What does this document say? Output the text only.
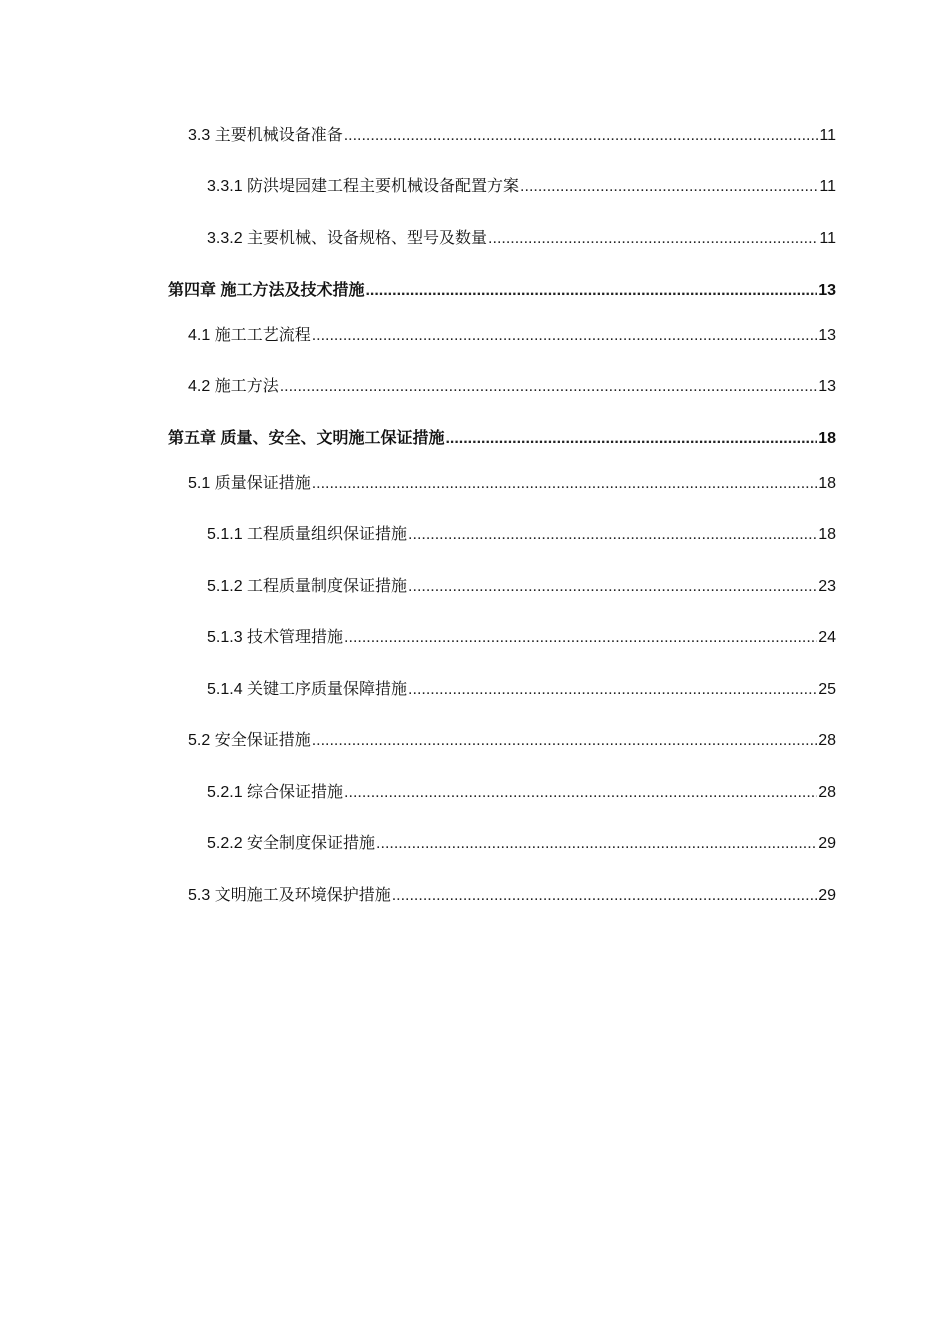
3.3 主要机械设备准备 .....	11
3.3.1 防洪堤园建工程主要机械设备配置方案 .....	11
3.3.2 主要机械、设备规格、型号及数量 .....	11
第四章 施工方法及技术措施 .....	13
4.1 施工工艺流程 .....	13
4.2 施工方法 .....	13
第五章 质量、安全、文明施工保证措施 .....	18
5.1 质量保证措施 .....	18
5.1.1 工程质量组织保证措施 .....	18
5.1.2 工程质量制度保证措施 .....	23
5.1.3 技术管理措施 .....	24
5.1.4 关键工序质量保障措施 .....	25
5.2 安全保证措施 .....	28
5.2.1 综合保证措施 .....	28
5.2.2 安全制度保证措施 .....	29
5.3 文明施工及环境保护措施 .....	29
